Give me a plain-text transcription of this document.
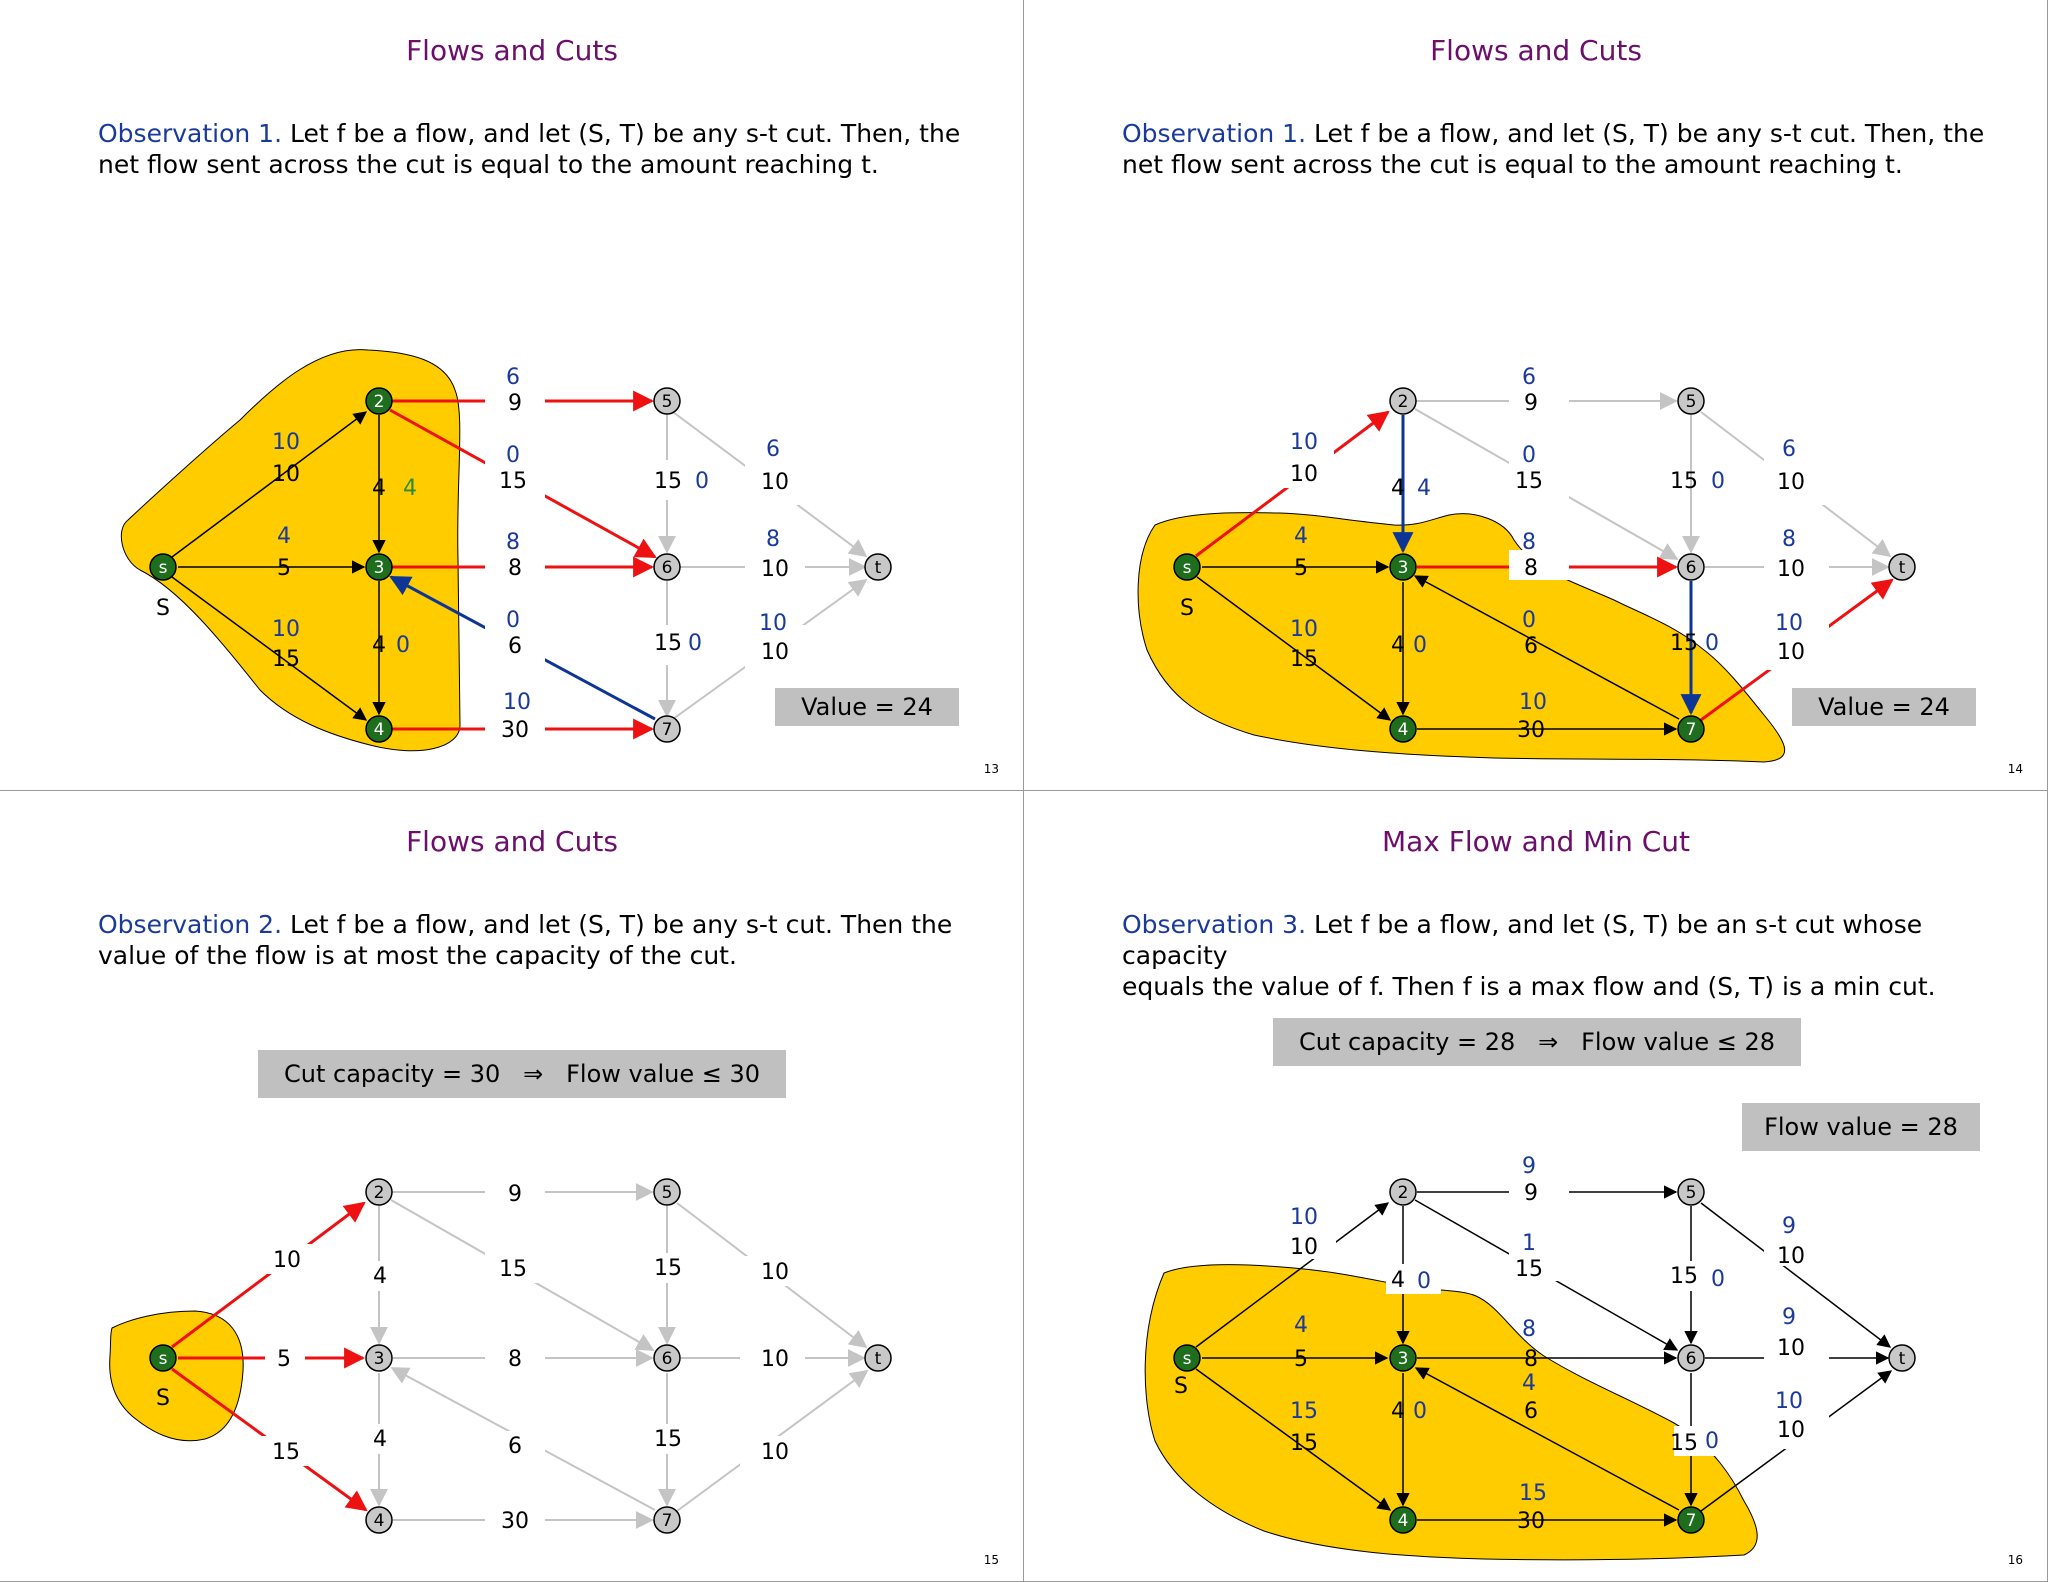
Flows and Cuts
Observation 1. Let f be a flow, and let (S, T) be any s-t cut. Then, the
net flow sent across the cut is equal to the amount reaching t.
s
2
3
4
5
6
7
t
S
10
10
4
5
10
15
4 4
4 0
6
9
0
15
8
8
0
6
10
30
15 0
15 0
6
10
8
10
10
10
Value = 24
13
Flows and Cuts
Observation 1. Let f be a flow, and let (S, T) be any s-t cut. Then, the
net flow sent across the cut is equal to the amount reaching t.
s
2
3
4
5
6
7
t
S
10
10
4
5
10
15
4 4
4 0
6
9
0
15
8
8
0
6
10
30
15 0
15 0
6
10
8
10
10
10
Value = 24
14
Flows and Cuts
Observation 2. Let f be a flow, and let (S, T) be any s-t cut. Then the
value of the flow is at most the capacity of the cut.
Cut capacity = 30   ⇒   Flow value ≤ 30
s
2
3
4
5
6
7
t
S
10
5
15
4
4
9
15
8
6
30
15
15
10
10
10
15
Max Flow and Min Cut
Observation 3. Let f be a flow, and let (S, T) be an s-t cut whose capacity
equals the value of f. Then f is a max flow and (S, T) is a min cut.
Cut capacity = 28   ⇒   Flow value ≤ 28
Flow value = 28
s
2
3
4
5
6
7
t
S
10
10
4
5
15
15
4 0
4 0
9
9
1
15
8
8
4
6
15
30
15 0
15 0
9
10
9
10
10
10
16
